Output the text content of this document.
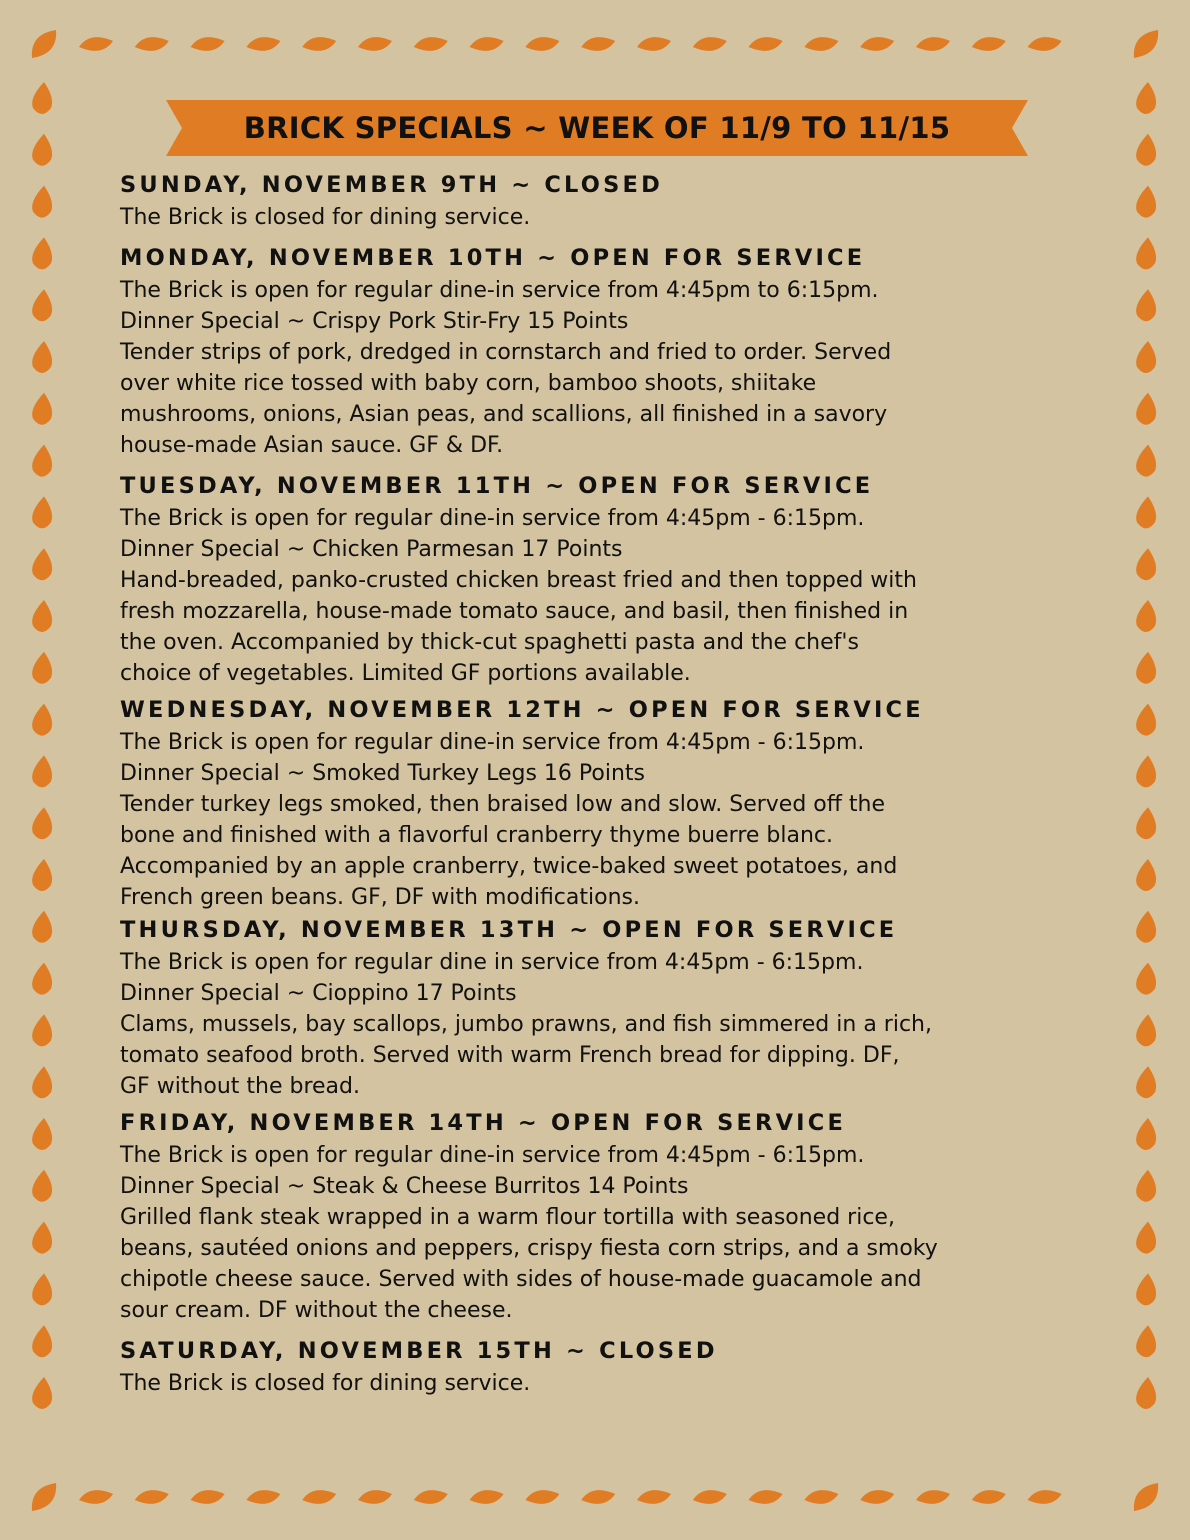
BRICK SPECIALS ~ WEEK OF 11/9 TO 11/15
SUNDAY, NOVEMBER 9TH ~ CLOSED
The Brick is closed for dining service.
MONDAY, NOVEMBER 10TH ~ OPEN FOR SERVICE
The Brick is open for regular dine-in service from 4:45pm to 6:15pm.
Dinner Special ~ Crispy Pork Stir-Fry 15 Points
Tender strips of pork, dredged in cornstarch and fried to order. Served
over white rice tossed with baby corn, bamboo shoots, shiitake
mushrooms, onions, Asian peas, and scallions, all finished in a savory
house-made Asian sauce. GF & DF.
TUESDAY, NOVEMBER 11TH ~ OPEN FOR SERVICE
The Brick is open for regular dine-in service from 4:45pm - 6:15pm.
Dinner Special ~ Chicken Parmesan 17 Points
Hand-breaded, panko-crusted chicken breast fried and then topped with
fresh mozzarella, house-made tomato sauce, and basil, then finished in
the oven. Accompanied by thick-cut spaghetti pasta and the chef's
choice of vegetables. Limited GF portions available.
WEDNESDAY, NOVEMBER 12TH ~ OPEN FOR SERVICE
The Brick is open for regular dine-in service from 4:45pm - 6:15pm.
Dinner Special ~ Smoked Turkey Legs 16 Points
Tender turkey legs smoked, then braised low and slow. Served off the
bone and finished with a flavorful cranberry thyme buerre blanc.
Accompanied by an apple cranberry, twice-baked sweet potatoes, and
French green beans. GF, DF with modifications.
THURSDAY, NOVEMBER 13TH ~ OPEN FOR SERVICE
The Brick is open for regular dine in service from 4:45pm - 6:15pm.
Dinner Special ~ Cioppino 17 Points
Clams, mussels, bay scallops, jumbo prawns, and fish simmered in a rich,
tomato seafood broth. Served with warm French bread for dipping. DF,
GF without the bread.
FRIDAY, NOVEMBER 14TH ~ OPEN FOR SERVICE
The Brick is open for regular dine-in service from 4:45pm - 6:15pm.
Dinner Special ~ Steak & Cheese Burritos 14 Points
Grilled flank steak wrapped in a warm flour tortilla with seasoned rice,
beans, sautéed onions and peppers, crispy fiesta corn strips, and a smoky
chipotle cheese sauce. Served with sides of house-made guacamole and
sour cream. DF without the cheese.
SATURDAY, NOVEMBER 15TH ~ CLOSED
The Brick is closed for dining service.
